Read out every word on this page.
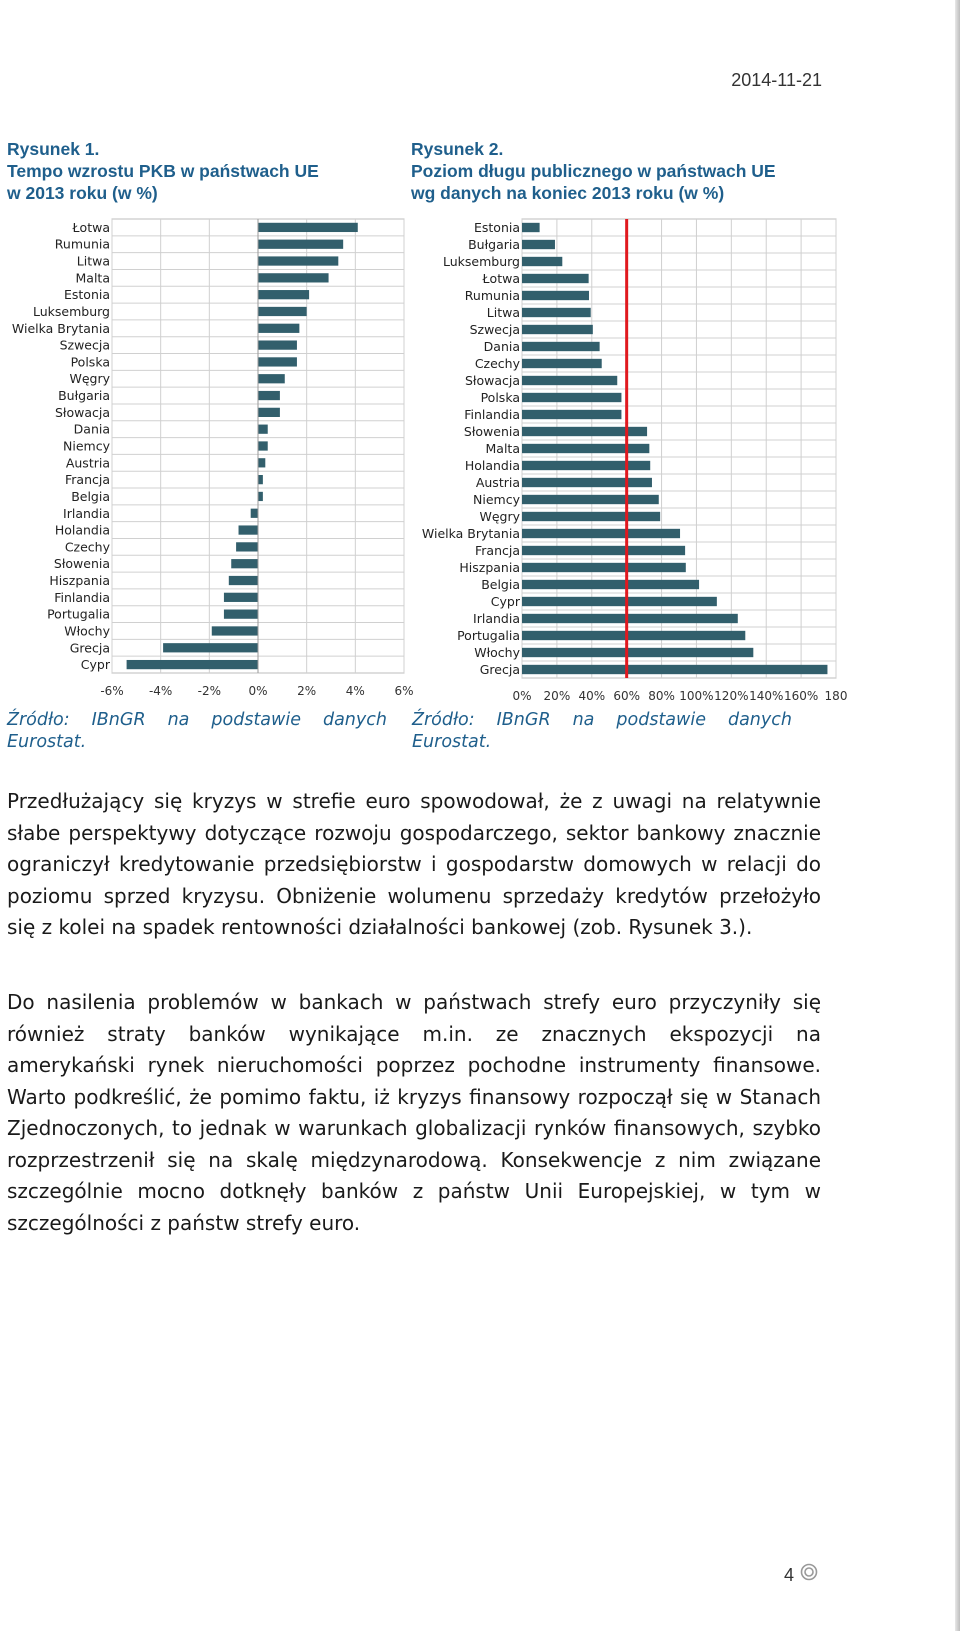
2014-11-21
Rysunek 1.
Tempo wzrostu PKB w państwach UE
w 2013 roku (w %)
Rysunek 2.
Poziom długu publicznego w państwach UE
wg danych na koniec 2013 roku (w %)
-6% -4% -2% 0% 2% 4% 6%
Łotwa
Rumunia
Litwa
Malta
Estonia
Luksemburg
Wielka Brytania
Szwecja
Polska
Węgry
Bułgaria
Słowacja
Dania
Niemcy
Austria
Francja
Belgia
Irlandia
Holandia
Czechy
Słowenia
Hiszpania
Finlandia
Portugalia
Włochy
Grecja
Cypr
0% 20% 40% 60% 80% 100% 120% 140% 160% 180
Estonia
Bułgaria
Luksemburg
Łotwa
Rumunia
Litwa
Szwecja
Dania
Czechy
Słowacja
Polska
Finlandia
Słowenia
Malta
Holandia
Austria
Niemcy
Węgry
Wielka Brytania
Francja
Hiszpania
Belgia
Cypr
Irlandia
Portugalia
Włochy
Grecja
Źródło: IBnGR na podstawie danych
Eurostat.
Źródło: IBnGR na podstawie danych
Eurostat.

Przedłużający się kryzys w strefie euro spowodował, że z uwagi na relatywnie słabe perspektywy dotyczące rozwoju gospodarczego, sektor bankowy znacznie ograniczył kredytowanie przedsiębiorstw i gospodarstw domowych w relacji do poziomu sprzed kryzysu. Obniżenie wolumenu sprzedaży kredytów przełożyło się z kolei na spadek rentowności działalności bankowej (zob. Rysunek 3.).

Do nasilenia problemów w bankach w państwach strefy euro przyczyniły się również straty banków wynikające m.in. ze znacznych ekspozycji na amerykański rynek nieruchomości poprzez pochodne instrumenty finansowe. Warto podkreślić, że pomimo faktu, iż kryzys finansowy rozpoczął się w Stanach Zjednoczonych, to jednak w warunkach globalizacji rynków finansowych, szybko rozprzestrzenił się na skalę międzynarodową. Konsekwencje z nim związane szczególnie mocno dotknęły banków z państw Unii Europejskiej, w tym w szczególności z państw strefy euro.

4
